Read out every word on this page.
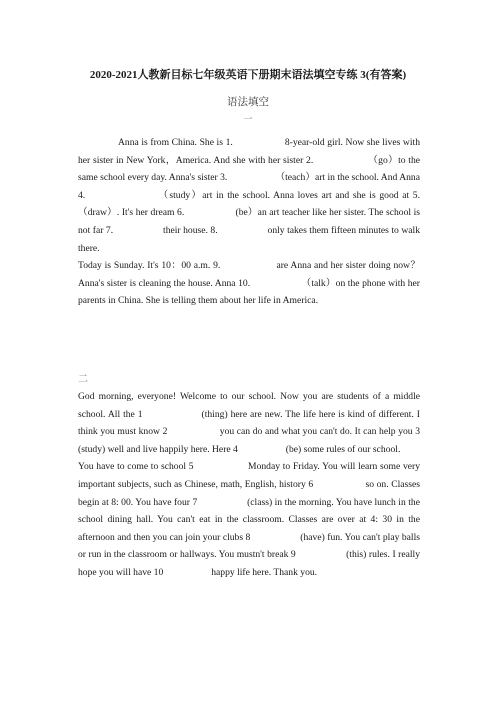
2020-2021人教新目标七年级英语下册期末语法填空专练 3(有答案)
语法填空
一

Anna is from China. She is 1.                    8-year-old girl. Now she lives with her sister in New York，America. And she with her sister 2.                    （go）to the same school every day. Anna's sister 3.                    （teach）art in the school. And Anna 4.                    （study）art in the school. Anna loves art and she is good at 5.                    （draw）. It's her dream 6.                    (be）an art teacher like her sister. The school is not far 7.                    their house. 8.                    only takes them fifteen minutes to walk there.

Today is Sunday. It's 10：00 a.m. 9.                    are Anna and her sister doing now？Anna's sister is cleaning the house. Anna 10.                    （talk）on the phone with her parents in China. She is telling them about her life in America.

二

God morning, everyone! Welcome to our school. Now you are students of a middle school. All the 1                    (thing) here are new. The life here is kind of different. I think you must know 2                    you can do and what you can't do. It can help you 3                    (study) well and live happily here. Here 4                    (be) some rules of our school.

You have to come to school 5                    Monday to Friday. You will learn some very important subjects, such as Chinese, math, English, history 6                    so on. Classes begin at 8: 00. You have four 7                    (class) in the morning. You have lunch in the school dining hall. You can't eat in the classroom. Classes are over at 4: 30 in the afternoon and then you can join your clubs 8                    (have) fun. You can't play balls or run in the classroom or hallways. You mustn't break 9                    (this) rules. I really hope you will have 10                    happy life here. Thank you.
